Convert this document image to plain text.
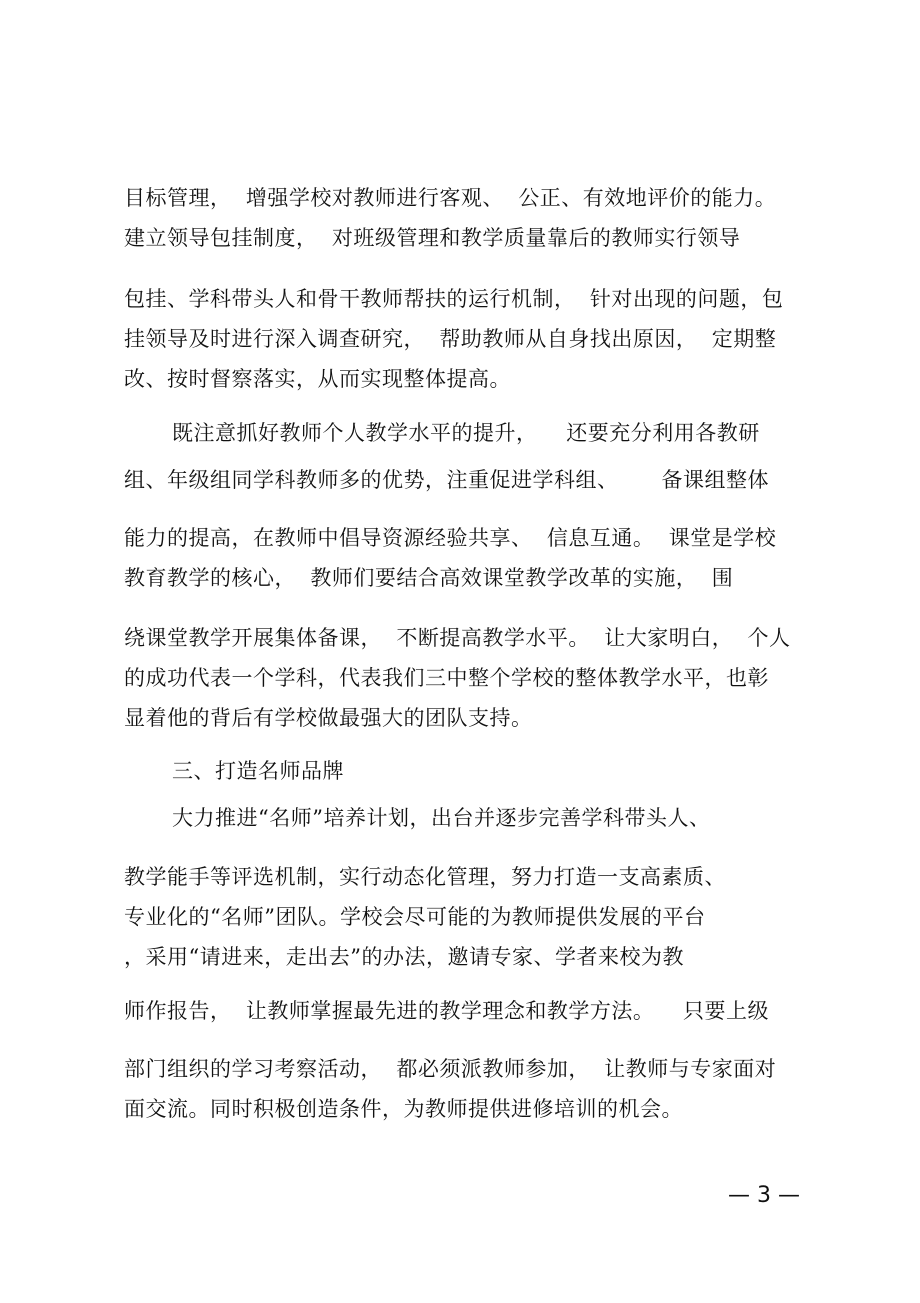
目标管理，  增强学校对教师进行客观、  公正、有效地评价的能力。
建立领导包挂制度，  对班级管理和教学质量靠后的教师实行领导
包挂、学科带头人和骨干教师帮扶的运行机制，  针对出现的问题，包
挂领导及时进行深入调查研究，  帮助教师从自身找出原因，  定期整
改、按时督察落实，从而实现整体提高。
既注意抓好教师个人教学水平的提升，    还要充分利用各教研
组、年级组同学科教师多的优势，注重促进学科组、      备课组整体
能力的提高，在教师中倡导资源经验共享、  信息互通。  课堂是学校
教育教学的核心，  教师们要结合高效课堂教学改革的实施，  围
绕课堂教学开展集体备课，  不断提高教学水平。  让大家明白，  个人
的成功代表一个学科，代表我们三中整个学校的整体教学水平，也彰
显着他的背后有学校做最强大的团队支持。
三、打造名师品牌
大力推进“名师”培养计划，出台并逐步完善学科带头人、
教学能手等评选机制，实行动态化管理，努力打造一支高素质、
专业化的“名师”团队。学校会尽可能的为教师提供发展的平台
，采用“请进来，走出去”的办法，邀请专家、学者来校为教
师作报告，  让教师掌握最先进的教学理念和教学方法。    只要上级
部门组织的学习考察活动，  都必须派教师参加，  让教师与专家面对
面交流。同时积极创造条件，为教师提供进修培训的机会。
— 3 —
